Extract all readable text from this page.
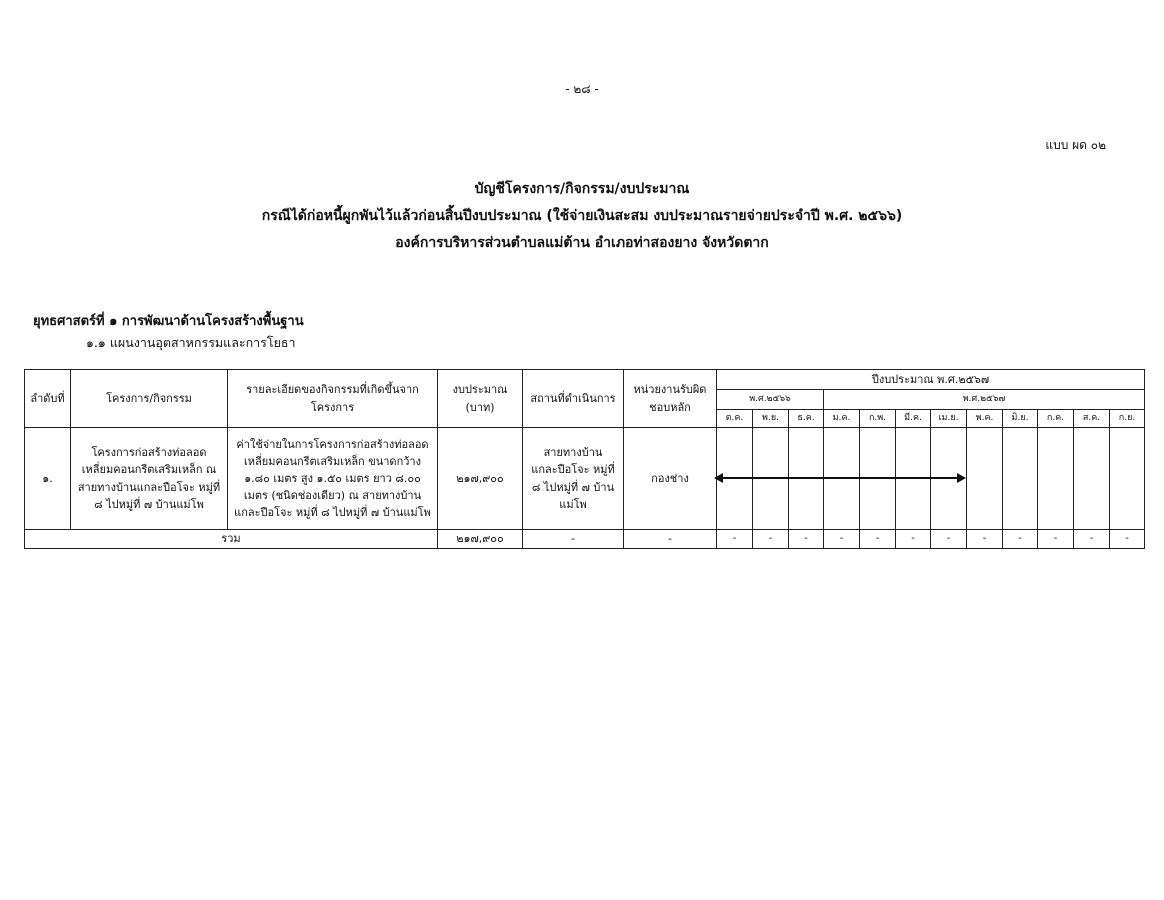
- ๒๘ -
แบบ ผด ๐๒
บัญชีโครงการ/กิจกรรม/งบประมาณ
กรณีได้ก่อหนี้ผูกพันไว้แล้วก่อนสิ้นปีงบประมาณ (ใช้จ่ายเงินสะสม งบประมาณรายจ่ายประจำปี พ.ศ. ๒๕๖๖)
องค์การบริหารส่วนตำบลแม่ต้าน อำเภอท่าสองยาง จังหวัดตาก
ยุทธศาสตร์ที่ ๑ การพัฒนาด้านโครงสร้างพื้นฐาน
๑.๑ แผนงานอุตสาหกรรมและการโยธา
ลำดับที่	โครงการ/กิจกรรม	รายละเอียดของกิจกรรมที่เกิดขึ้นจากโครงการ	งบประมาณ (บาท)	สถานที่ดำเนินการ	หน่วยงานรับผิดชอบหลัก	ปีงบประมาณ พ.ศ.๒๕๖๗											
						พ.ศ.๒๕๖๖			พ.ศ.๒๕๖๗								
						ต.ค.	พ.ย.	ธ.ค.	ม.ค.	ก.พ.	มี.ค.	เม.ย.	พ.ค.	มิ.ย.	ก.ค.	ส.ค.	ก.ย.
๑.	โครงการก่อสร้างท่อลอดเหลี่ยมคอนกรีตเสริมเหล็ก ณ สายทางบ้านแกละปือโจะ หมู่ที่ ๘ ไปหมู่ที่ ๗ บ้านแม่โพ	ค่าใช้จ่ายในการโครงการก่อสร้างท่อลอดเหลี่ยมคอนกรีตเสริมเหล็ก ขนาดกว้าง ๑.๘๐ เมตร สูง ๑.๕๐ เมตร ยาว ๘.๐๐ เมตร (ชนิดช่องเดียว) ณ สายทางบ้านแกละปือโจะ หมู่ที่ ๘ ไปหมู่ที่ ๗ บ้านแม่โพ	๒๑๗,๙๐๐	สายทางบ้านแกละปือโจะ หมู่ที่ ๘ ไปหมู่ที่ ๗ บ้านแม่โพ	กองช่าง												
รวม			๒๑๗,๙๐๐	-	-	-	-	-	-	-	-	-	-	-	-	-	-
